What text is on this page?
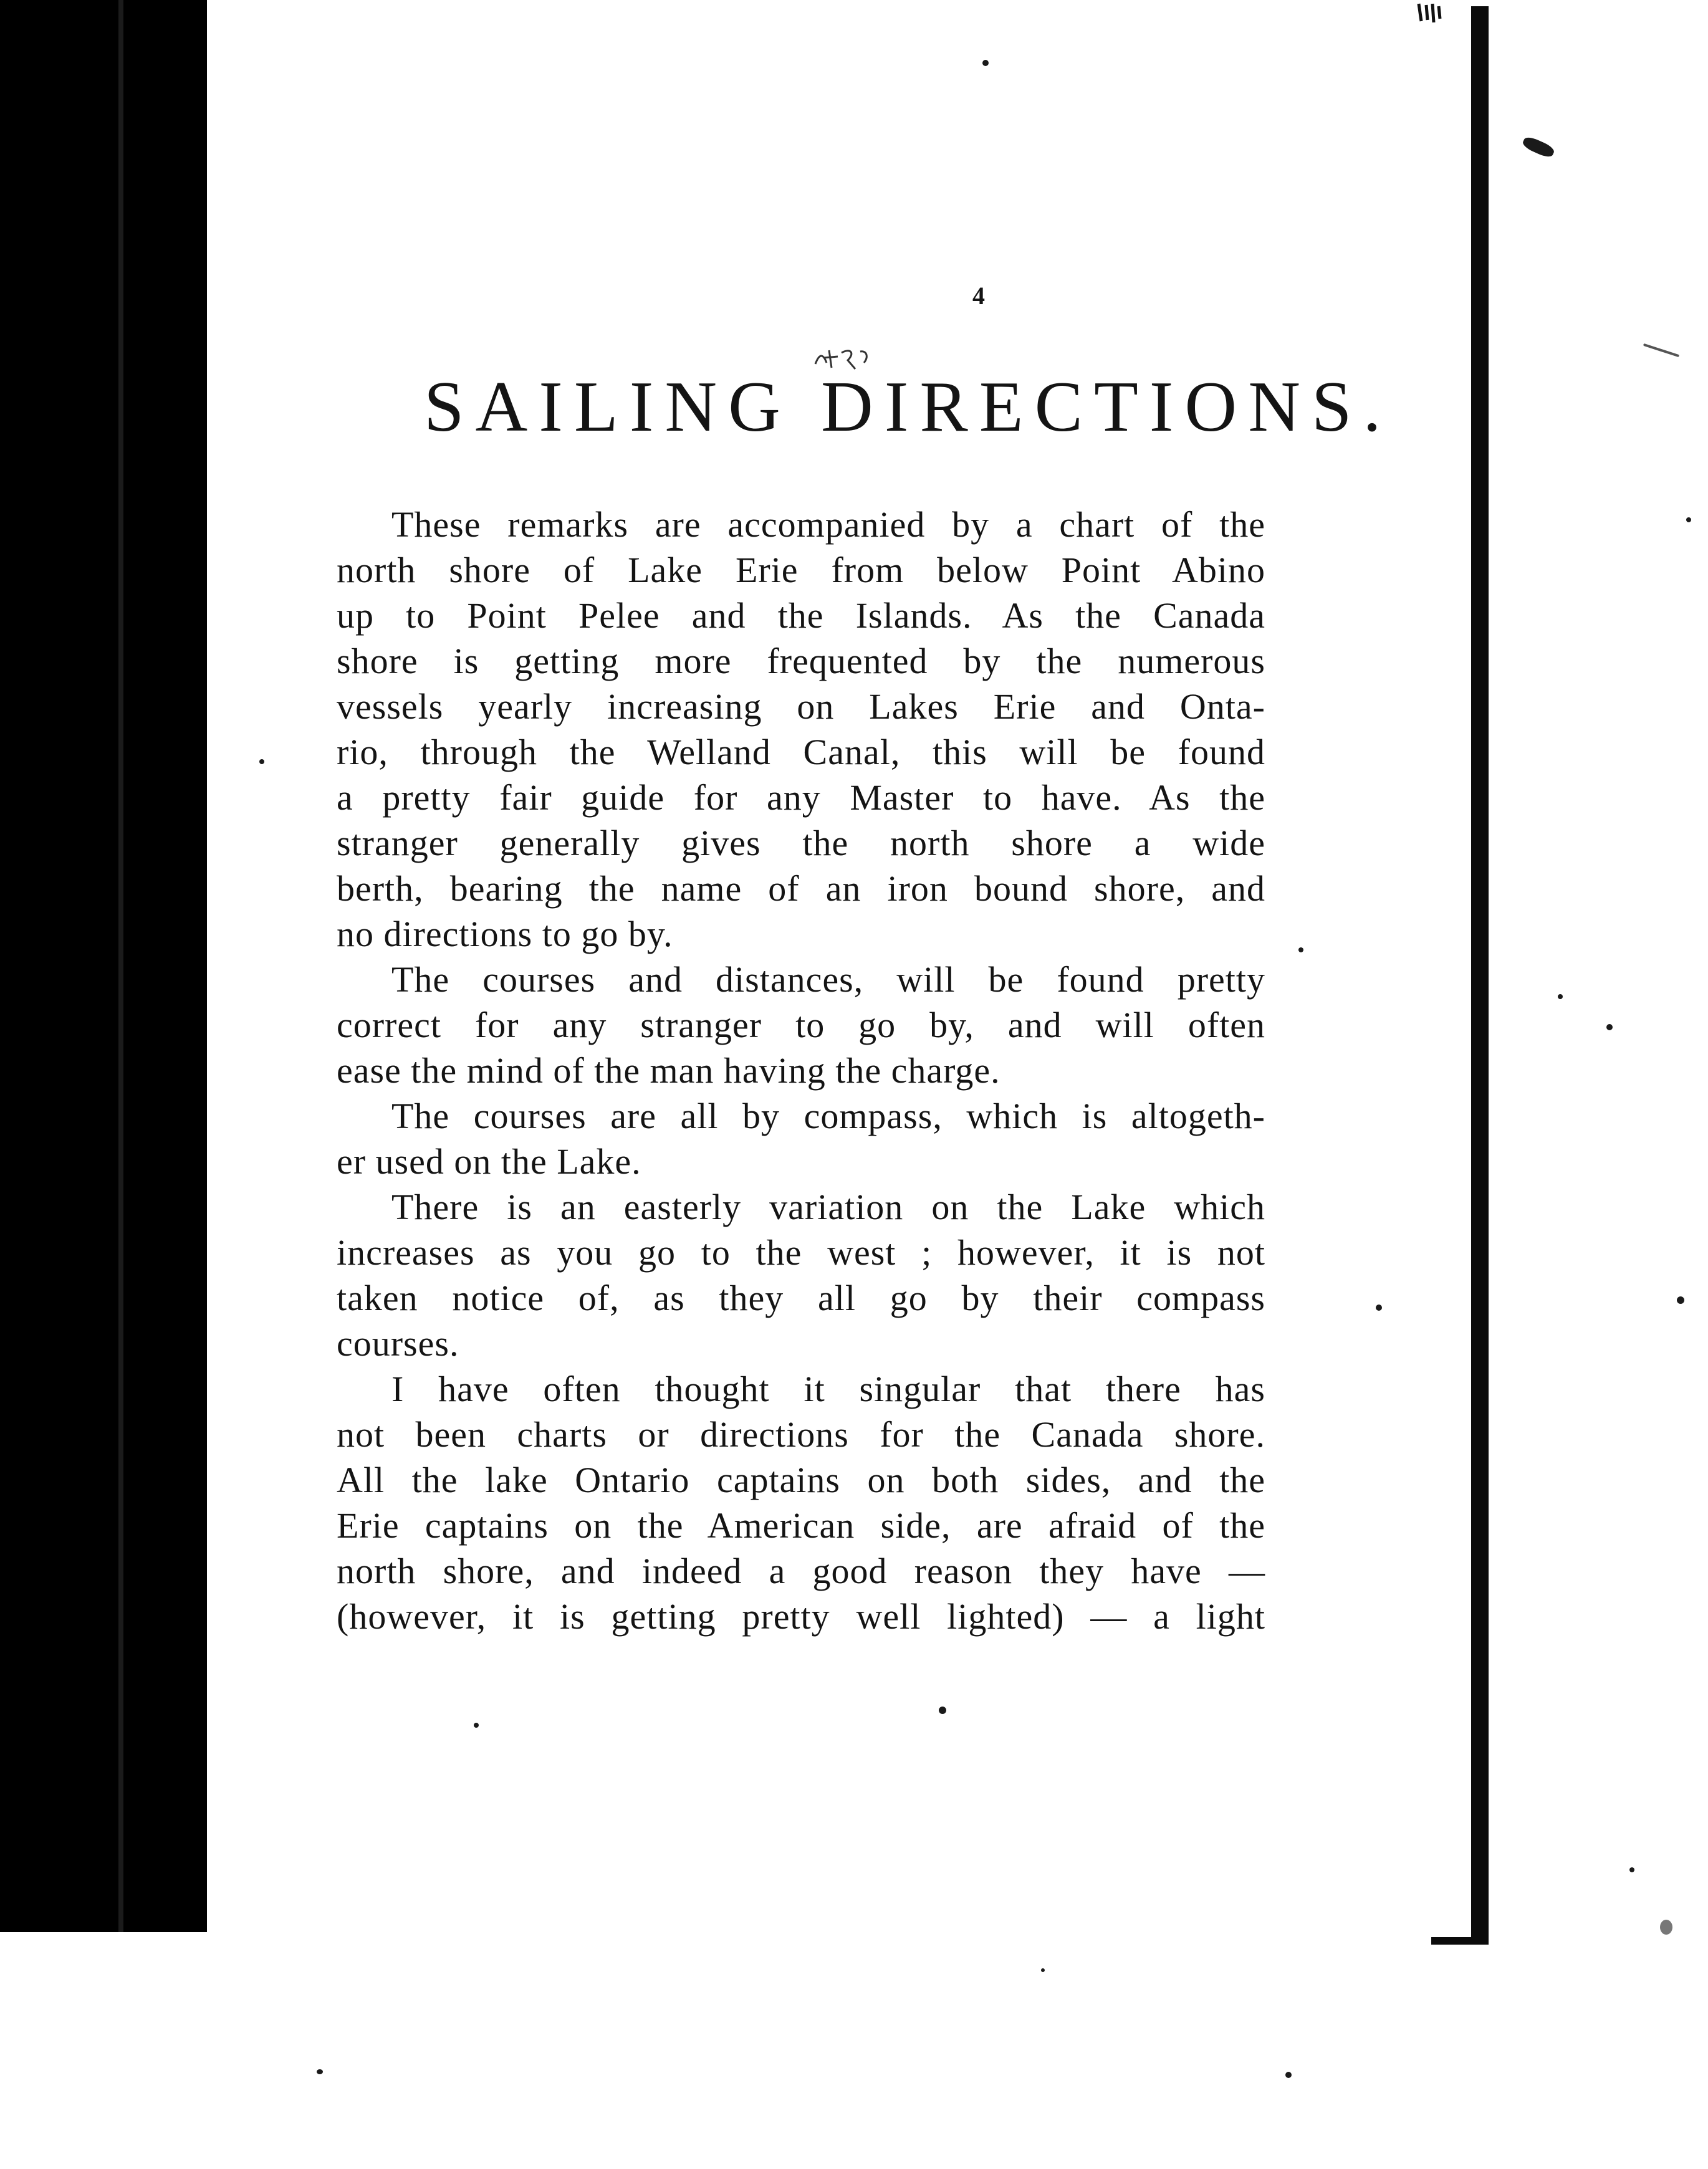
4
SAILING DIRECTIONS.
These remarks are accompanied by a chart of the
north shore of Lake Erie from below Point Abino
up to Point Pelee and the Islands. As the Canada
shore is getting more frequented by the numerous
vessels yearly increasing on Lakes Erie and Onta-
rio, through the Welland Canal, this will be found
a pretty fair guide for any Master to have. As the
stranger generally gives the north shore a wide
berth, bearing the name of an iron bound shore, and
no directions to go by.
The courses and distances, will be found pretty
correct for any stranger to go by, and will often
ease the mind of the man having the charge.
The courses are all by compass, which is altogeth-
er used on the Lake.
There is an easterly variation on the Lake which
increases as you go to the west ; however, it is not
taken notice of, as they all go by their compass
courses.
I have often thought it singular that there has
not been charts or directions for the Canada shore.
All the lake Ontario captains on both sides, and the
Erie captains on the American side, are afraid of the
north shore, and indeed a good reason they have —
(however, it is getting pretty well lighted) — a light
